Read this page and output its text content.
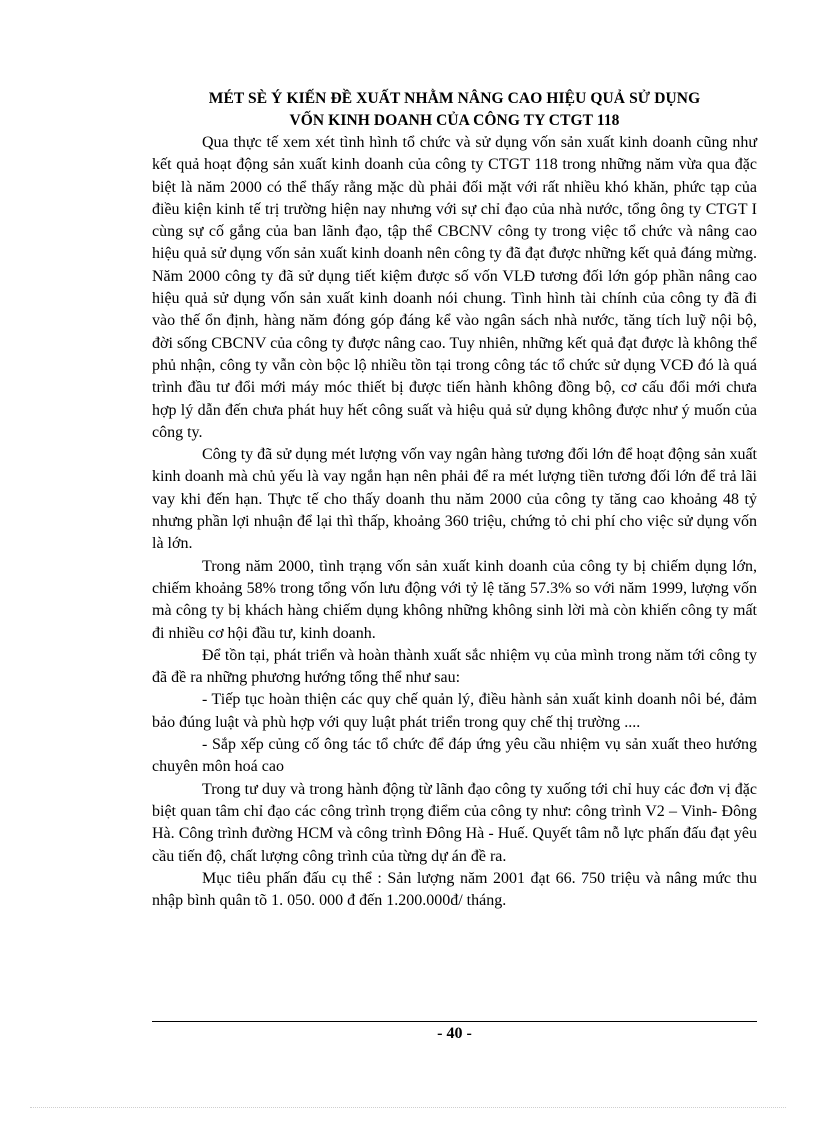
MÉT SÈ Ý KIẾN ĐỀ XUẤT NHẰM NÂNG CAO HIỆU QUẢ SỬ DỤNG
VỐN KINH DOANH CỦA CÔNG TY CTGT 118

Qua thực tế xem xét tình hình tổ chức và sử dụng vốn sản xuất kinh doanh cũng như kết quả hoạt động sản xuất kinh doanh của công ty CTGT 118 trong những năm vừa qua đặc biệt là năm 2000 có thể thấy rằng mặc dù phải đối mặt với rất nhiều khó khăn, phức tạp của điều kiện kinh tế trị trường hiện nay nhưng với sự chỉ đạo của nhà nước, tổng ông ty CTGT I cùng sự cố gắng của ban lãnh đạo, tập thể CBCNV công ty trong việc tổ chức và nâng cao hiệu quả sử dụng vốn sản xuất kinh doanh nên công ty đã đạt được những kết quả đáng mừng. Năm 2000 công ty đã sử dụng tiết kiệm được số vốn VLĐ tương đối lớn góp phần nâng cao hiệu quả sử dụng vốn sản xuất kinh doanh nói chung. Tình hình tài chính của công ty đã đi vào thế ổn định, hàng năm đóng góp đáng kể vào ngân sách nhà nước, tăng tích luỹ nội bộ, đời sống CBCNV của công ty được nâng cao. Tuy nhiên, những kết quả đạt được là không thể phủ nhận, công ty vẫn còn bộc lộ nhiều tồn tại trong công tác tổ chức sử dụng VCĐ đó là quá trình đầu tư đổi mới máy móc thiết bị được tiến hành không đồng bộ, cơ cấu đổi mới chưa hợp lý dẫn đến chưa phát huy hết công suất và hiệu quả sử dụng không được như ý muốn của công ty.

Công ty đã sử dụng mét lượng vốn vay ngân hàng tương đối lớn để hoạt động sản xuất kinh doanh mà chủ yếu là vay ngắn hạn nên phải để ra mét lượng tiền tương đối lớn để trả lãi vay khi đến hạn. Thực tế cho thấy doanh thu năm 2000 của công ty tăng cao khoảng 48 tỷ nhưng phần lợi nhuận để lại thì thấp, khoảng 360 triệu, chứng tỏ chi phí cho việc sử dụng vốn là lớn.

Trong năm 2000, tình trạng vốn sản xuất kinh doanh của công ty bị chiếm dụng lớn, chiếm khoảng 58% trong tổng vốn lưu động với tỷ lệ tăng 57.3% so với năm 1999, lượng vốn mà công ty bị khách hàng chiếm dụng không những không sinh lời mà còn khiến công ty mất đi nhiều cơ hội đầu tư, kinh doanh.

Để tồn tại, phát triển và hoàn thành xuất sắc nhiệm vụ của mình trong năm tới công ty đã đề ra những phương hướng tổng thể như sau:

- Tiếp tục hoàn thiện các quy chế quản lý, điều hành sản xuất kinh doanh nôi bé, đảm bảo đúng luật và phù hợp với quy luật phát triển trong quy chế thị trường ....

- Sắp xếp củng cố ông tác tổ chức để đáp ứng yêu cầu nhiệm vụ sản xuất theo hướng chuyên môn hoá cao

Trong tư duy và trong hành động từ lãnh đạo công ty xuống tới chỉ huy các đơn vị đặc biệt quan tâm chỉ đạo các công trình trọng điểm của công ty như: công trình V2 – Vinh- Đông Hà. Công trình đường HCM và công trình Đông Hà - Huế. Quyết tâm nỗ lực phấn đấu đạt yêu cầu tiến độ, chất lượng công trình của từng dự án đề ra.

Mục tiêu phấn đấu cụ thể : Sản lượng năm 2001 đạt 66. 750 triệu và nâng mức thu nhập bình quân tõ 1. 050. 000 đ đến 1.200.000đ/ tháng.

- 40 -
